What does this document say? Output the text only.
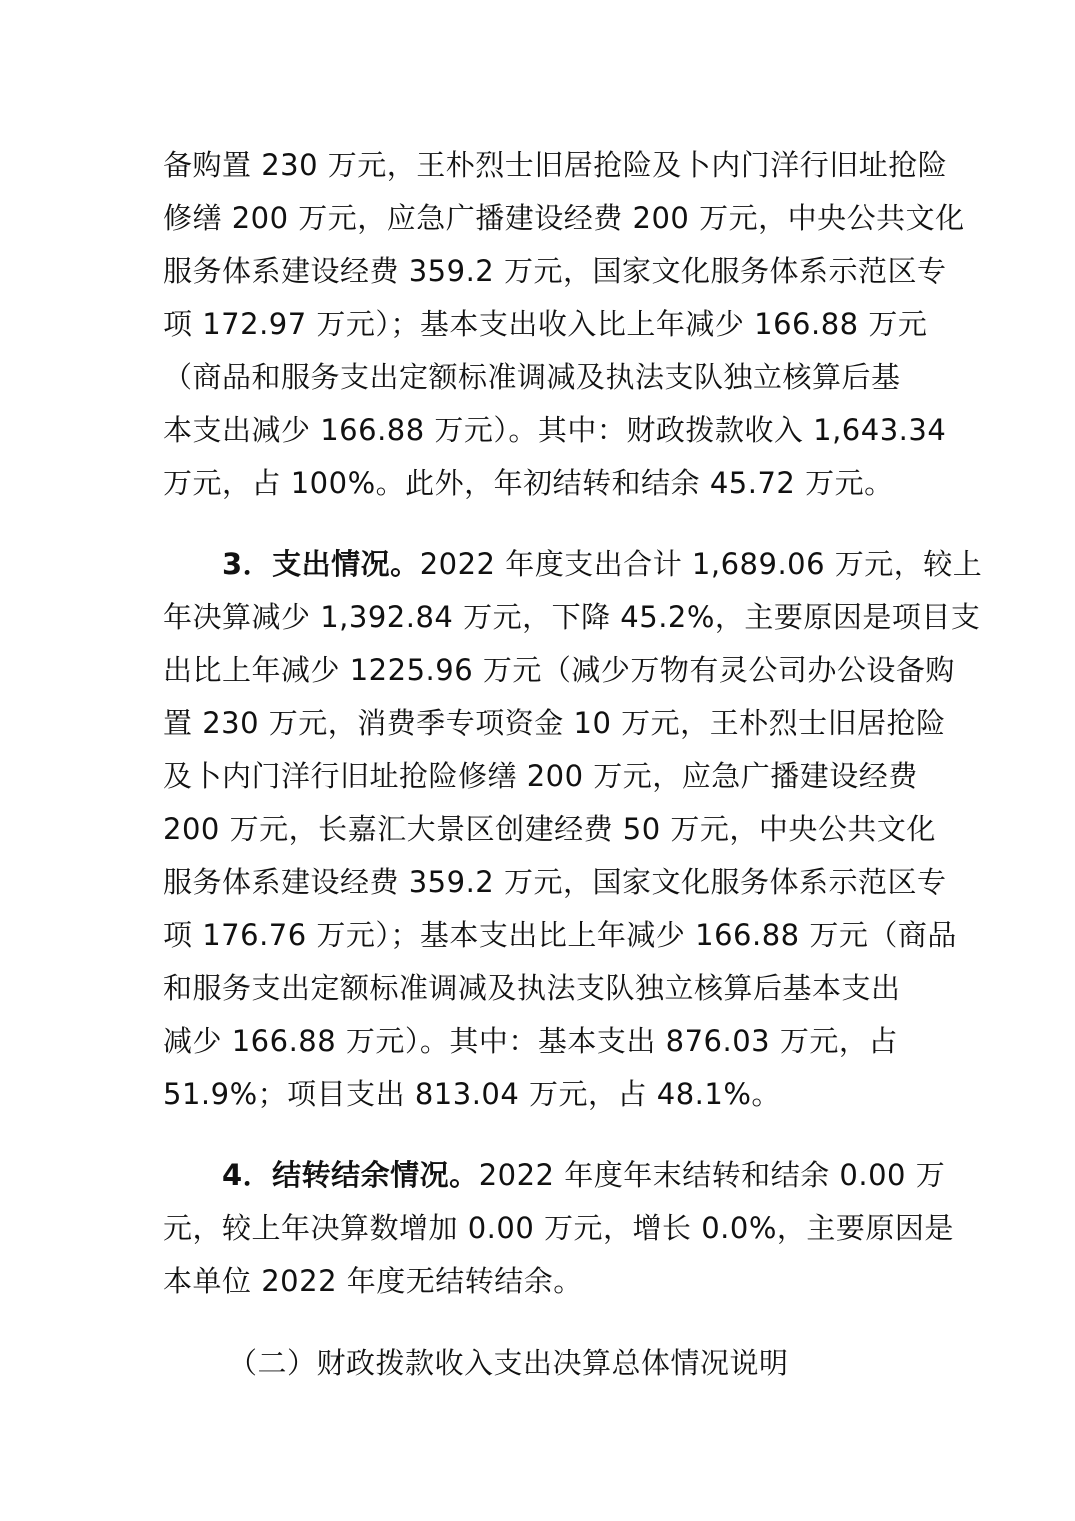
备购置 230 万元，王朴烈士旧居抢险及卜内门洋行旧址抢险
修缮 200 万元，应急广播建设经费 200 万元，中央公共文化
服务体系建设经费 359.2 万元，国家文化服务体系示范区专
项 172.97 万元）；基本支出收入比上年减少 166.88 万元
（商品和服务支出定额标准调减及执法支队独立核算后基
本支出减少 166.88 万元）。其中：财政拨款收入 1,643.34
万元，占 100%。此外，年初结转和结余 45.72 万元。
3．支出情况。2022 年度支出合计 1,689.06 万元，较上
年决算减少 1,392.84 万元，下降 45.2%，主要原因是项目支
出比上年减少 1225.96 万元（减少万物有灵公司办公设备购
置 230 万元，消费季专项资金 10 万元，王朴烈士旧居抢险
及卜内门洋行旧址抢险修缮 200 万元，应急广播建设经费
200 万元，长嘉汇大景区创建经费 50 万元，中央公共文化
服务体系建设经费 359.2 万元，国家文化服务体系示范区专
项 176.76 万元）；基本支出比上年减少 166.88 万元（商品
和服务支出定额标准调减及执法支队独立核算后基本支出
减少 166.88 万元）。其中：基本支出 876.03 万元，占
51.9%；项目支出 813.04 万元，占 48.1%。
4．结转结余情况。2022 年度年末结转和结余 0.00 万
元，较上年决算数增加 0.00 万元，增长 0.0%，主要原因是
本单位 2022 年度无结转结余。
（二）财政拨款收入支出决算总体情况说明
